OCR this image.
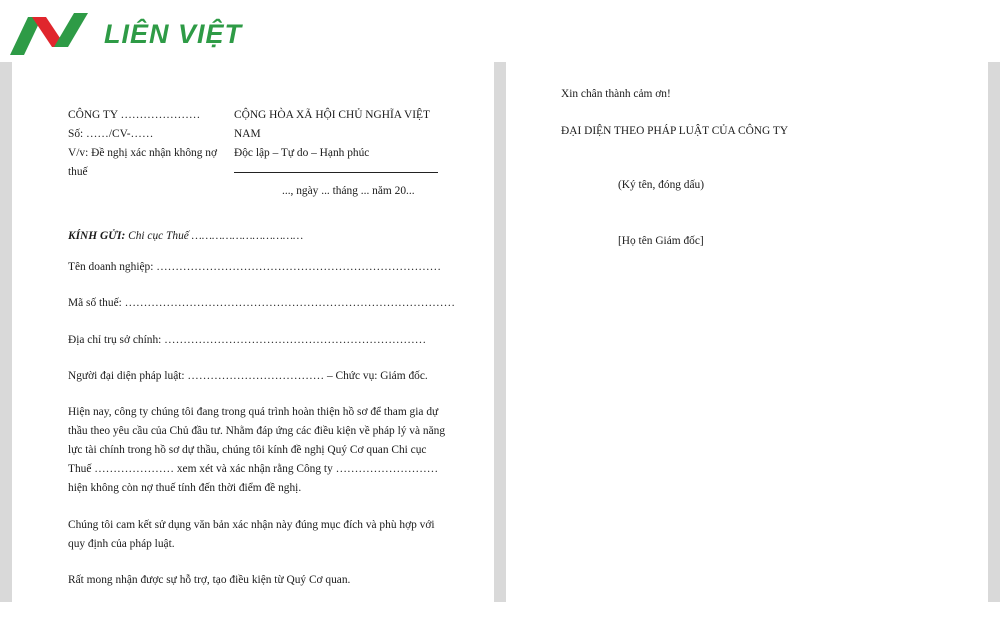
LIÊN VIỆT
CÔNG TY …………………
Số: ……/CV-……
V/v: Đề nghị xác nhận không nợ
thuế
CỘNG HÒA XÃ HỘI CHỦ NGHĨA VIỆT
NAM
Độc lập – Tự do – Hạnh phúc
..., ngày ... tháng ... năm 20...
KÍNH GỬI: Chi cục Thuế ……………………………
Tên doanh nghiệp: …………………………………………………………………
Mã số thuế: ……………………………………………………………………………
Địa chỉ trụ sở chính: ……………………………………………………………
Người đại diện pháp luật: ……………………………… – Chức vụ: Giám đốc.
Hiện nay, công ty chúng tôi đang trong quá trình hoàn thiện hồ sơ để tham gia dự
thầu theo yêu cầu của Chủ đầu tư. Nhằm đáp ứng các điều kiện về pháp lý và năng
lực tài chính trong hồ sơ dự thầu, chúng tôi kính đề nghị Quý Cơ quan Chi cục
Thuế ………………… xem xét và xác nhận rằng Công ty ………………………
hiện không còn nợ thuế tính đến thời điểm đề nghị.
Chúng tôi cam kết sử dụng văn bản xác nhận này đúng mục đích và phù hợp với
quy định của pháp luật.
Rất mong nhận được sự hỗ trợ, tạo điều kiện từ Quý Cơ quan.
Xin chân thành cảm ơn!
ĐẠI DIỆN THEO PHÁP LUẬT CỦA CÔNG TY
(Ký tên, đóng dấu)
[Họ tên Giám đốc]
